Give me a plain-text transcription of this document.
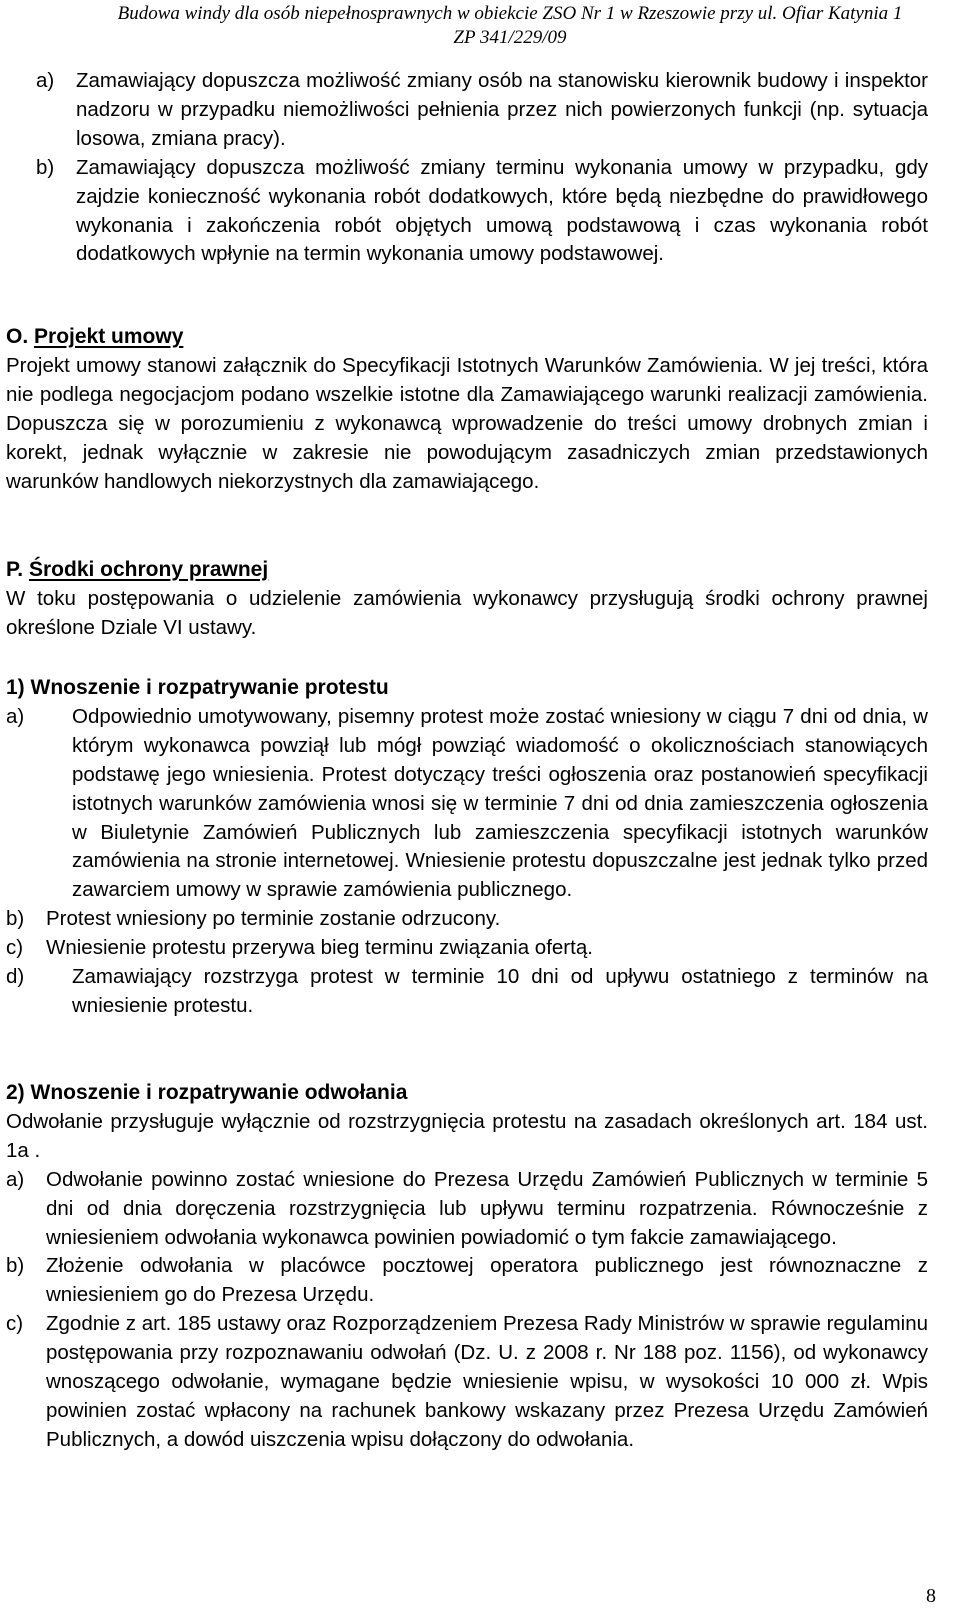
Budowa windy dla osób niepełnosprawnych w obiekcie ZSO Nr 1 w Rzeszowie przy ul. Ofiar Katynia 1
ZP 341/229/09
a)	Zamawiający dopuszcza możliwość zmiany osób na stanowisku kierownik budowy i inspektor nadzoru w przypadku niemożliwości pełnienia przez nich powierzonych funkcji (np. sytuacja losowa, zmiana pracy).
b)	Zamawiający dopuszcza możliwość zmiany terminu wykonania umowy w przypadku, gdy zajdzie konieczność wykonania robót dodatkowych, które będą niezbędne do prawidłowego wykonania i zakończenia robót objętych umową podstawową i czas wykonania robót dodatkowych wpłynie na termin wykonania umowy podstawowej.
O. Projekt umowy
Projekt umowy stanowi załącznik do Specyfikacji Istotnych Warunków Zamówienia. W jej treści, która nie podlega negocjacjom podano wszelkie istotne dla Zamawiającego warunki realizacji zamówienia. Dopuszcza się w porozumieniu z wykonawcą wprowadzenie do treści umowy drobnych zmian i korekt, jednak wyłącznie w zakresie nie powodującym zasadniczych zmian przedstawionych warunków handlowych niekorzystnych dla zamawiającego.
P. Środki ochrony prawnej
W toku postępowania o udzielenie zamówienia wykonawcy przysługują środki ochrony prawnej określone Dziale VI ustawy.
1) Wnoszenie i rozpatrywanie protestu
a)	Odpowiednio umotywowany, pisemny protest może zostać wniesiony w ciągu 7 dni od dnia, w którym wykonawca powziął lub mógł powziąć wiadomość o okolicznościach stanowiących podstawę jego wniesienia. Protest dotyczący treści ogłoszenia oraz postanowień specyfikacji istotnych warunków zamówienia wnosi się w terminie 7 dni od dnia zamieszczenia ogłoszenia w Biuletynie Zamówień Publicznych lub zamieszczenia specyfikacji istotnych warunków zamówienia na stronie internetowej. Wniesienie protestu dopuszczalne jest jednak tylko przed zawarciem umowy w sprawie zamówienia publicznego.
b)	Protest wniesiony po terminie zostanie odrzucony.
c)	Wniesienie protestu przerywa bieg terminu związania ofertą.
d)	Zamawiający rozstrzyga protest w terminie 10 dni od upływu ostatniego z terminów na wniesienie protestu.
2) Wnoszenie i rozpatrywanie odwołania
Odwołanie przysługuje wyłącznie od rozstrzygnięcia protestu na zasadach określonych art. 184 ust. 1a .
a)	Odwołanie powinno zostać wniesione do Prezesa Urzędu Zamówień Publicznych w terminie 5 dni od dnia doręczenia rozstrzygnięcia lub upływu terminu rozpatrzenia. Równocześnie z wniesieniem odwołania wykonawca powinien powiadomić o tym fakcie zamawiającego.
b)	Złożenie odwołania w placówce pocztowej operatora publicznego jest równoznaczne z wniesieniem go do Prezesa Urzędu.
c)	Zgodnie z art. 185 ustawy oraz Rozporządzeniem Prezesa Rady Ministrów w sprawie regulaminu postępowania przy rozpoznawaniu odwołań (Dz. U. z 2008 r. Nr 188 poz. 1156), od wykonawcy wnoszącego odwołanie, wymagane będzie wniesienie wpisu, w wysokości 10 000 zł. Wpis powinien zostać wpłacony na rachunek bankowy wskazany przez Prezesa Urzędu Zamówień Publicznych, a dowód uiszczenia wpisu dołączony do odwołania.
8
